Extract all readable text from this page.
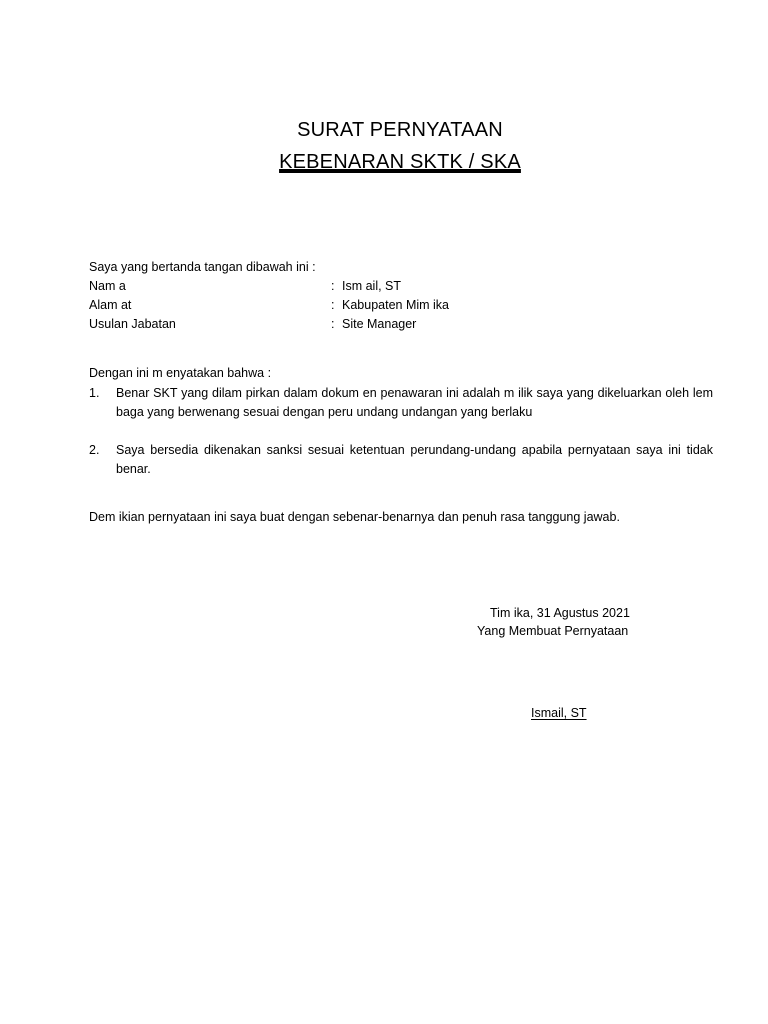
SURAT PERNYATAAN
KEBENARAN SKTK / SKA
Saya yang bertanda tangan dibawah ini :
Nam a	: Ism ail, ST
Alam at	: Kabupaten Mim ika
Usulan Jabatan	: Site Manager
Dengan ini m enyatakan bahwa :
1. Benar SKT yang dilam pirkan dalam dokum en penawaran ini adalah m ilik saya yang dikeluarkan oleh lem baga yang berwenang sesuai dengan peru undang undangan yang berlaku
2. Saya bersedia dikenakan sanksi sesuai ketentuan perundang-undang apabila pernyataan saya ini tidak benar.
Dem ikian pernyataan ini saya buat dengan sebenar-benarnya dan penuh rasa tanggung jawab.
Tim ika, 31 Agustus 2021
Yang Membuat Pernyataan
Ismail, ST
